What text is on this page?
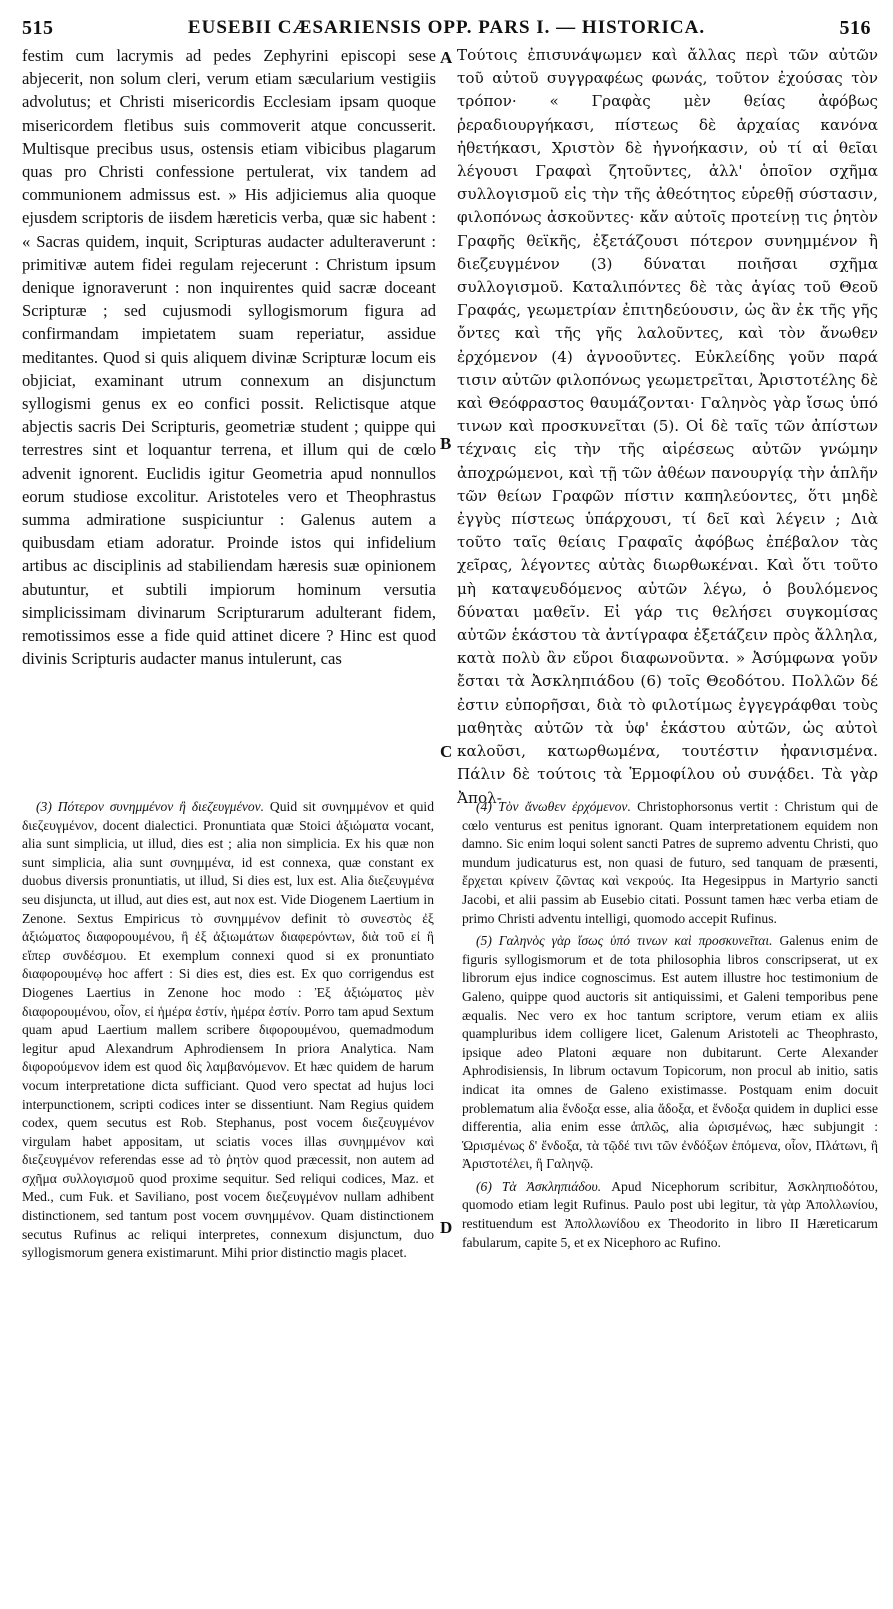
515	EUSEBII CÆSARIENSIS OPP. PARS I. — HISTORICA.	516
festim cum lacrymis ad pedes Zephyrini episcopi sese abjecerit, non solum cleri, verum etiam sæcularium vestigiis advolutus; et Christi misericordis Ecclesiam ipsam quoque misericordem fletibus suis commoverit atque concusserit. Multisque precibus usus, ostensis etiam vibicibus plagarum quas pro Christi confessione pertulerat, vix tandem ad communionem admissus est. » His adjiciemus alia quoque ejusdem scriptoris de iisdem hæreticis verba, quæ sic habent : « Sacras quidem, inquit, Scripturas audacter adulteraverunt : primitivæ autem fidei regulam rejecerunt : Christum ipsum denique ignoraverunt : non inquirentes quid sacræ doceant Scripturæ ; sed cujusmodi syllogismorum figura ad confirmandam impietatem suam reperiatur, assidue meditantes. Quod si quis aliquem divinæ Scripturæ locum eis objiciat, examinant utrum connexum an disjunctum syllogismi genus ex eo confici possit. Relictisque atque abjectis sacris Dei Scripturis, geometriæ student ; quippe qui terrestres sint et loquantur terrena, et illum qui de cœlo advenit ignorent. Euclidis igitur Geometria apud nonnullos eorum studiose excolitur. Aristoteles vero et Theophrastus summa admiratione suspiciuntur : Galenus autem a quibusdam etiam adoratur. Proinde istos qui infidelium artibus ac disciplinis ad stabiliendam hæresis suæ opinionem abutuntur, et subtili impiorum hominum versutia simplicissimam divinarum Scripturarum adulterant fidem, remotissimos esse a fide quid attinet dicere ? Hinc est quod divinis Scripturis audacter manus intulerunt, cas
A
B
C
D
Τούτοις ἐπισυνάψωμεν καὶ ἄλλας περὶ τῶν αὐτῶν τοῦ αὐτοῦ συγγραφέως φωνάς, τοῦτον ἐχούσας τὸν τρόπον· « Γραφὰς μὲν θείας ἀφόβως ῥεραδιουργήκασι, πίστεως δὲ ἀρχαίας κανόνα ἠθετήκασι, Χριστὸν δὲ ἠγνοήκασιν, οὐ τί αἱ θεῖαι λέγουσι Γραφαὶ ζητοῦντες, ἀλλ' ὁποῖον σχῆμα συλλογισμοῦ εἰς τὴν τῆς ἀθεότητος εὑρεθῇ σύστασιν, φιλοπόνως ἀσκοῦντες· κἄν αὐτοῖς προτείνῃ τις ῥητὸν Γραφῆς θεϊκῆς, ἐξετάζουσι πότερον συνημμένον ἢ διεζευγμένον (3) δύναται ποιῆσαι σχῆμα συλλογισμοῦ. Καταλιπόντες δὲ τὰς ἁγίας τοῦ Θεοῦ Γραφάς, γεωμετρίαν ἐπιτηδεύουσιν, ὡς ἂν ἐκ τῆς γῆς ὄντες καὶ τῆς γῆς λαλοῦντες, καὶ τὸν ἄνωθεν ἐρχόμενον (4) ἀγνοοῦντες. Εὐκλείδης γοῦν παρά τισιν αὐτῶν φιλοπόνως γεωμετρεῖται, Ἀριστοτέλης δὲ καὶ Θεόφραστος θαυμάζονται· Γαληνὸς γὰρ ἴσως ὑπό τινων καὶ προσκυνεῖται (5). Οἱ δὲ ταῖς τῶν ἀπίστων τέχναις εἰς τὴν τῆς αἱρέσεως αὐτῶν γνώμην ἀποχρώμενοι, καὶ τῇ τῶν ἀθέων πανουργίᾳ τὴν ἁπλῆν τῶν θείων Γραφῶν πίστιν καπηλεύοντες, ὅτι μηδὲ ἐγγὺς πίστεως ὑπάρχουσι, τί δεῖ καὶ λέγειν ; Διὰ τοῦτο ταῖς θείαις Γραφαῖς ἀφόβως ἐπέβαλον τὰς χεῖρας, λέγοντες αὐτὰς διωρθωκέναι. Καὶ ὅτι τοῦτο μὴ καταψευδόμενος αὐτῶν λέγω, ὁ βουλόμενος δύναται μαθεῖν. Εἰ γάρ τις θελήσει συγκομίσας αὐτῶν ἑκάστου τὰ ἀντίγραφα ἐξετάζειν πρὸς ἄλληλα, κατὰ πολὺ ἂν εὕροι διαφωνοῦντα. » Ἀσύμφωνα γοῦν ἔσται τὰ Ἀσκληπιάδου (6) τοῖς Θεοδότου. Πολλῶν δέ ἐστιν εὐπορῆσαι, διὰ τὸ φιλοτίμως ἐγγεγράφθαι τοὺς μαθητὰς αὐτῶν τὰ ὑφ' ἑκάστου αὐτῶν, ὡς αὐτοὶ καλοῦσι, κατωρθωμένα, τουτέστιν ἠφανισμένα. Πάλιν δὲ τούτοις τὰ Ἑρμοφίλου οὐ συνᾴδει. Τὰ γὰρ Ἀπολ-

(3) Πότερον συνημμένον ἢ διεζευγμένον. Quid sit συνημμένον et quid διεζευγμένον, docent dialectici. Pronuntiata quæ Stoici ἀξιώματα vocant, alia sunt simplicia, ut illud, dies est ; alia non simplicia. Ex his quæ non sunt simplicia, alia sunt συνημμένα, id est connexa, quæ constant ex duobus diversis pronuntiatis, ut illud, Si dies est, lux est. Alia διεζευγμένα seu disjuncta, ut illud, aut dies est, aut nox est. Vide Diogenem Laertium in Zenone. Sextus Empiricus τὸ συνημμένον definit τὸ συνεστὸς ἐξ ἀξιώματος διαφορουμένου, ἢ ἐξ ἀξιωμάτων διαφερόντων, διὰ τοῦ εἰ ἢ εἴπερ συνδέσμου. Et exemplum connexi quod si ex pronuntiato διαφορουμένῳ hoc affert : Si dies est, dies est. Ex quo corrigendus est Diogenes Laertius in Zenone hoc modo : Ἐξ ἀξιώματος μὲν διαφορουμένου, οἷον, εἰ ἡμέρα ἐστίν, ἡμέρα ἐστίν. Porro tam apud Sextum quam apud Laertium mallem scribere διφορουμένου, quemadmodum legitur apud Alexandrum Aphrodiensem In priora Analytica. Nam διφορούμενον idem est quod δὶς λαμβανόμενον. Et hæc quidem de harum vocum interpretatione dicta sufficiant. Quod vero spectat ad hujus loci interpunctionem, scripti codices inter se dissentiunt. Nam Regius quidem codex, quem secutus est Rob. Stephanus, post vocem διεζευγμένον virgulam habet appositam, ut sciatis voces illas συνημμένον καὶ διεζευγμένον referendas esse ad τὸ ῥητὸν quod præcessit, non autem ad σχῆμα συλλογισμοῦ quod proxime sequitur. Sed reliqui codices, Maz. et Med., cum Fuk. et Saviliano, post vocem διεζευγμένον nullam adhibent distinctionem, sed tantum post vocem συνημμένον. Quam distinctionem secutus Rufinus ac reliqui interpretes, connexum disjunctum, duo syllogismorum genera existimarunt. Mihi prior distinctio magis placet.

(4) Τὸν ἄνωθεν ἐρχόμενον. Christophorsonus vertit : Christum qui de cœlo venturus est penitus ignorant. Quam interpretationem equidem non damno. Sic enim loqui solent sancti Patres de supremo adventu Christi, quo mundum judicaturus est, non quasi de futuro, sed tanquam de præsenti, ἔρχεται κρίνειν ζῶντας καὶ νεκρούς. Ita Hegesippus in Martyrio sancti Jacobi, et alii passim ab Eusebio citati. Possunt tamen hæc verba etiam de primo Christi adventu intelligi, quomodo accepit Rufinus.

(5) Γαληνὸς γὰρ ἴσως ὑπό τινων καὶ προσκυνεῖται. Galenus enim de figuris syllogismorum et de tota philosophia libros conscripserat, ut ex librorum ejus indice cognoscimus. Est autem illustre hoc testimonium de Galeno, quippe quod auctoris sit antiquissimi, et Galeni temporibus pene æqualis. Nec vero ex hoc tantum scriptore, verum etiam ex aliis quampluribus idem colligere licet, Galenum Aristoteli ac Theophrasto, ipsique adeo Platoni æquare non dubitarunt. Certe Alexander Aphrodisiensis, In librum octavum Topicorum, non procul ab initio, satis indicat ita omnes de Galeno existimasse. Postquam enim docuit problematum alia ἔνδοξα esse, alia ἄδοξα, et ἔνδοξα quidem in duplici esse differentia, alia enim esse ἁπλῶς, alia ὡρισμένως, hæc subjungit : Ὡρισμένως δ' ἔνδοξα, τὰ τῷδέ τινι τῶν ἐνδόξων ἑπόμενα, οἷον, Πλάτωνι, ἢ Ἀριστοτέλει, ἢ Γαληνῷ.

(6) Τὰ Ἀσκληπιάδου. Apud Nicephorum scribitur, Ἀσκληπιοδότου, quomodo etiam legit Rufinus. Paulo post ubi legitur, τὰ γὰρ Ἀπολλωνίου, restituendum est Ἀπολλωνίδου ex Theodorito in libro II Hæreticarum fabularum, capite 5, et ex Nicephoro ac Rufino.
